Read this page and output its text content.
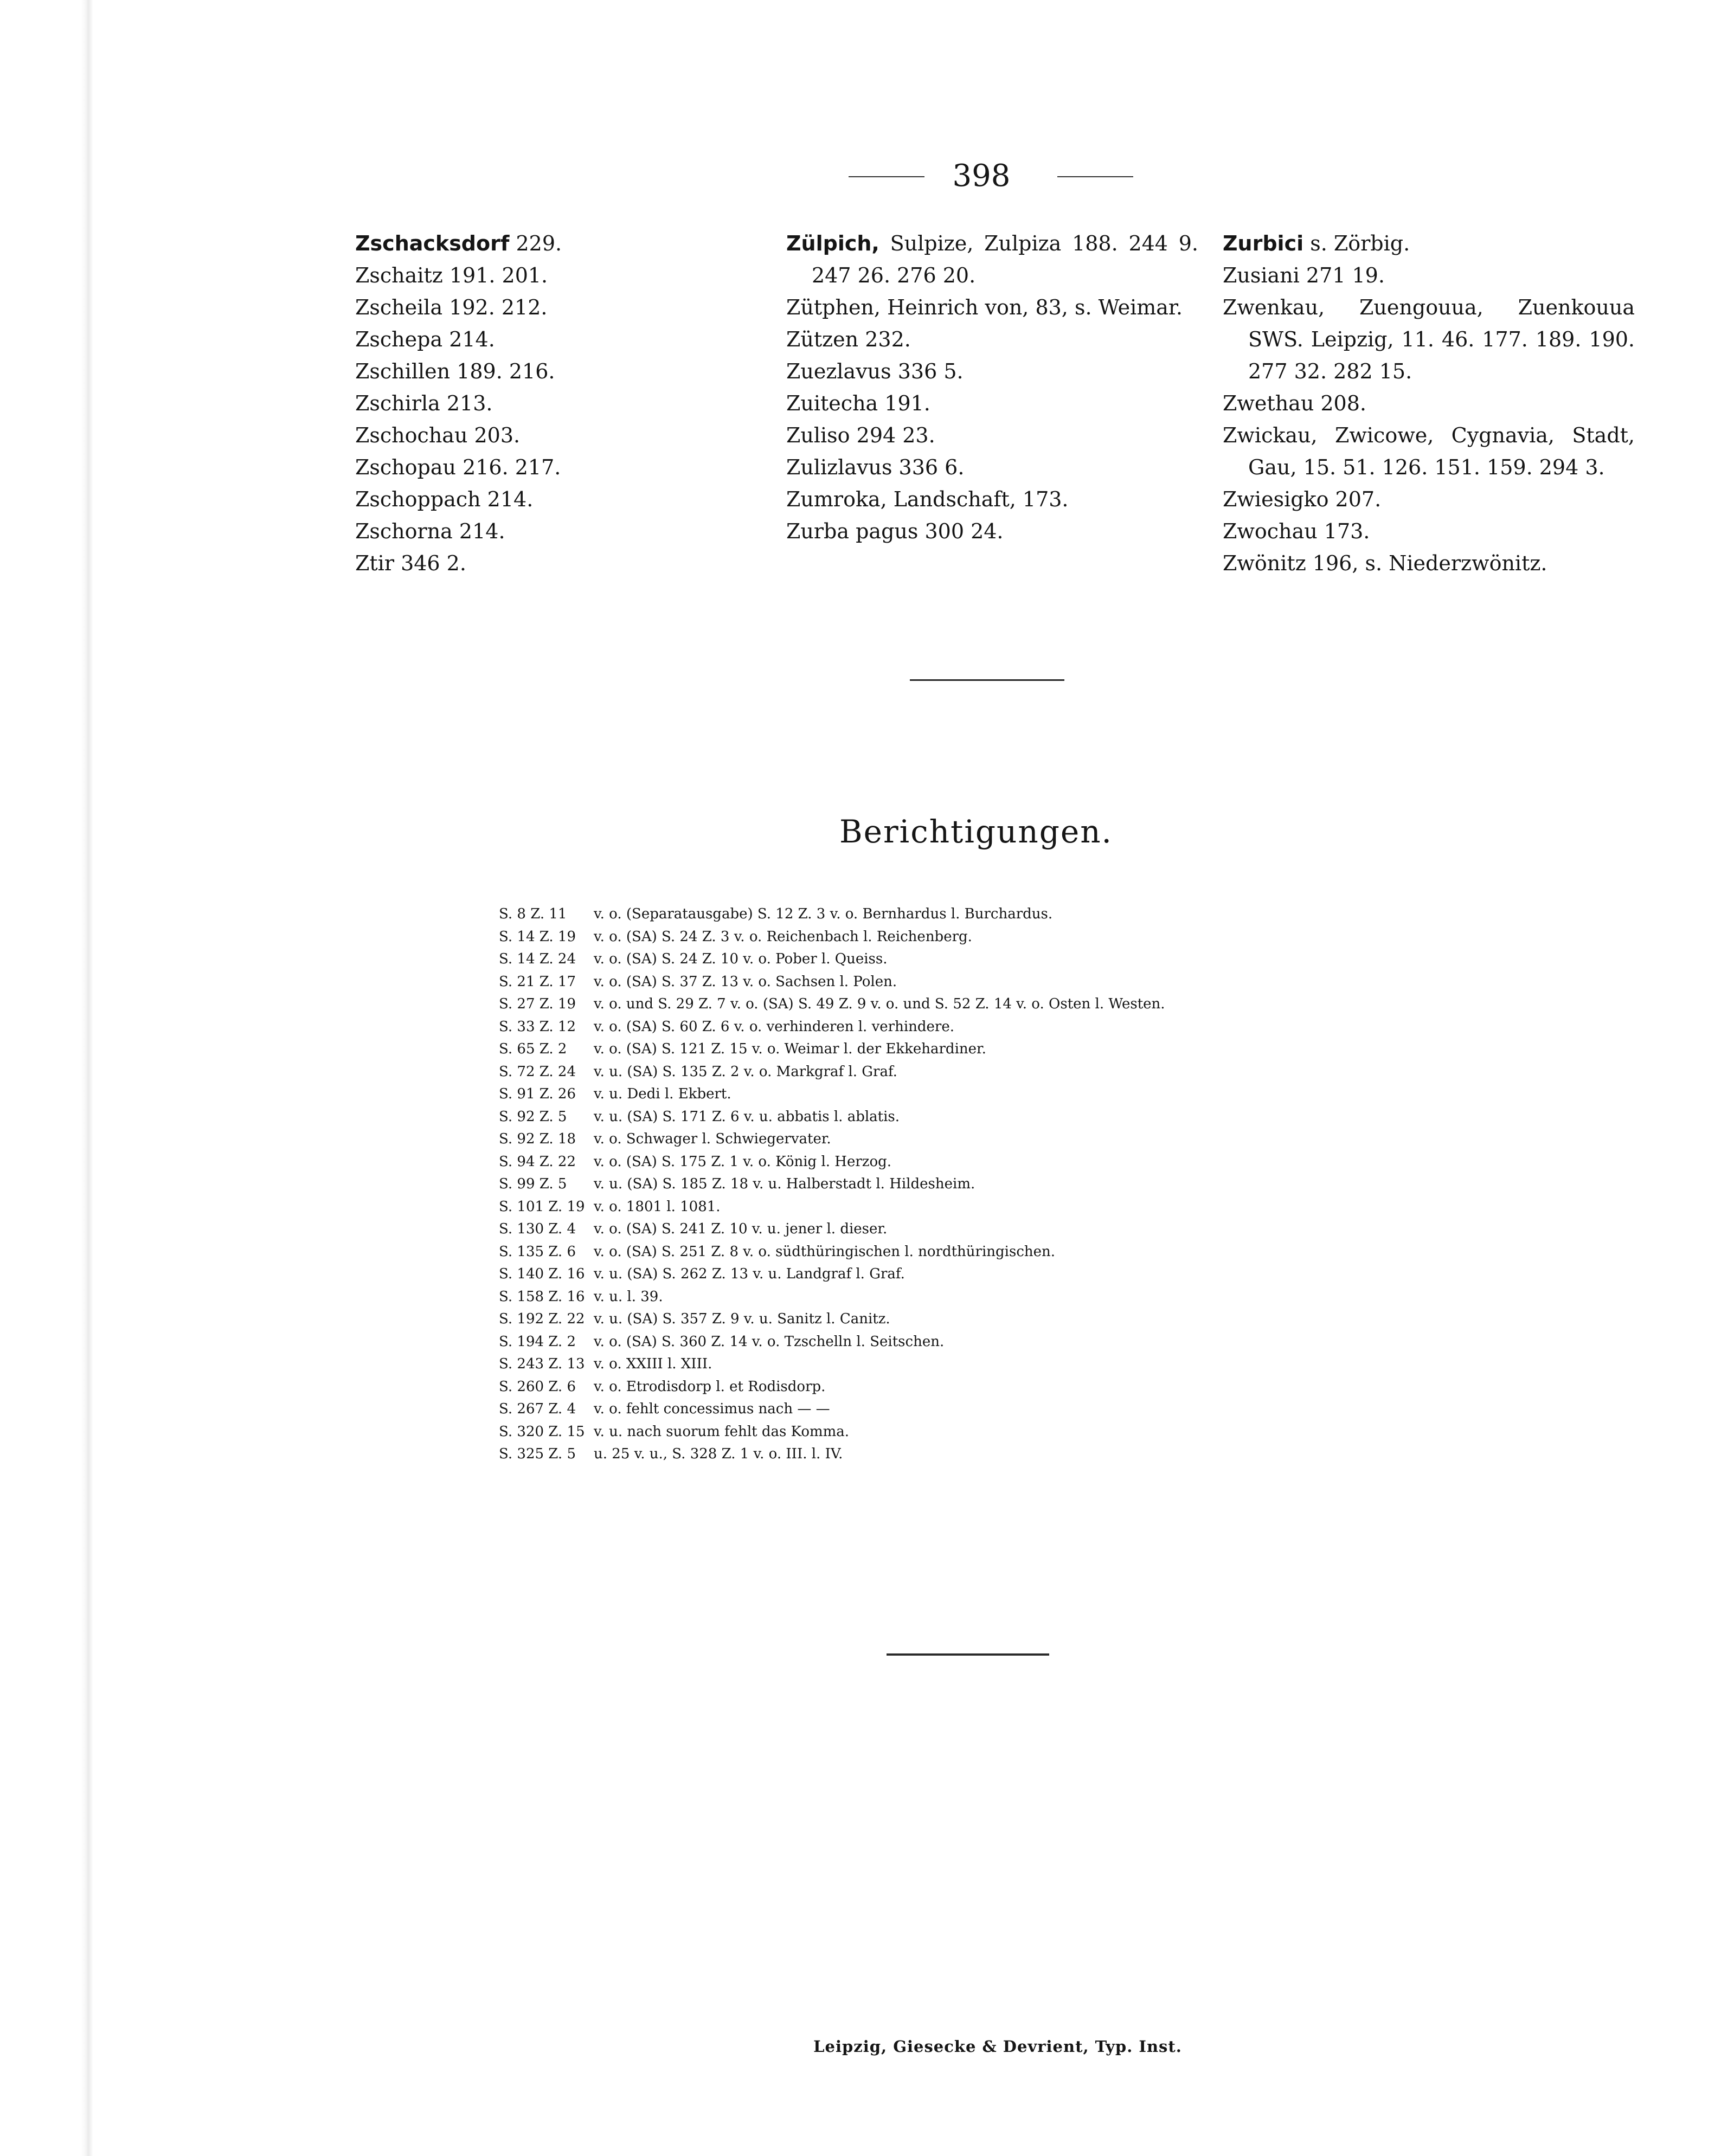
398
Zschacksdorf 229.
Zschaitz 191. 201.
Zscheila 192. 212.
Zschepa 214.
Zschillen 189. 216.
Zschirla 213.
Zschochau 203.
Zschopau 216. 217.
Zschoppach 214.
Zschorna 214.
Ztir 346 2.
Zülpich, Sulpize, Zulpiza 188. 244 9. 247 26. 276 20.
Zütphen, Heinrich von, 83, s. Weimar.
Zützen 232.
Zuezlavus 336 5.
Zuitecha 191.
Zuliso 294 23.
Zulizlavus 336 6.
Zumroka, Landschaft, 173.
Zurba pagus 300 24.
Zurbici s. Zörbig.
Zusiani 271 19.
Zwenkau, Zuengouua, Zuenkouua SWS. Leipzig, 11. 46. 177. 189. 190. 277 32. 282 15.
Zwethau 208.
Zwickau, Zwicowe, Cygnavia, Stadt, Gau, 15. 51. 126. 151. 159. 294 3.
Zwiesigko 207.
Zwochau 173.
Zwönitz 196, s. Niederzwönitz.
Berichtigungen.
S. 8 Z. 11	v. o. (Separatausgabe) S. 12 Z. 3 v. o. Bernhardus l. Burchardus.
S. 14 Z. 19	v. o. (SA) S. 24 Z. 3 v. o. Reichenbach l. Reichenberg.
S. 14 Z. 24	v. o. (SA) S. 24 Z. 10 v. o. Pober l. Queiss.
S. 21 Z. 17	v. o. (SA) S. 37 Z. 13 v. o. Sachsen l. Polen.
S. 27 Z. 19	v. o. und S. 29 Z. 7 v. o. (SA) S. 49 Z. 9 v. o. und S. 52 Z. 14 v. o. Osten l. Westen.
S. 33 Z. 12	v. o. (SA) S. 60 Z. 6 v. o. verhinderen l. verhindere.
S. 65 Z. 2	v. o. (SA) S. 121 Z. 15 v. o. Weimar l. der Ekkehardiner.
S. 72 Z. 24	v. u. (SA) S. 135 Z. 2 v. o. Markgraf l. Graf.
S. 91 Z. 26	v. u. Dedi l. Ekbert.
S. 92 Z. 5	v. u. (SA) S. 171 Z. 6 v. u. abbatis l. ablatis.
S. 92 Z. 18	v. o. Schwager l. Schwiegervater.
S. 94 Z. 22	v. o. (SA) S. 175 Z. 1 v. o. König l. Herzog.
S. 99 Z. 5	v. u. (SA) S. 185 Z. 18 v. u. Halberstadt l. Hildesheim.
S. 101 Z. 19 v. o. 1801 l. 1081.
S. 130 Z. 4	v. o. (SA) S. 241 Z. 10 v. u. jener l. dieser.
S. 135 Z. 6	v. o. (SA) S. 251 Z. 8 v. o. südthüringischen l. nordthüringischen.
S. 140 Z. 16 v. u. (SA) S. 262 Z. 13 v. u. Landgraf l. Graf.
S. 158 Z. 16 v. u. l. 39.
S. 192 Z. 22 v. u. (SA) S. 357 Z. 9 v. u. Sanitz l. Canitz.
S. 194 Z. 2	v. o. (SA) S. 360 Z. 14 v. o. Tzschelln l. Seitschen.
S. 243 Z. 13 v. o. XXIII l. XIII.
S. 260 Z. 6	v. o. Etrodisdorp l. et Rodisdorp.
S. 267 Z. 4	v. o. fehlt concessimus nach — —
S. 320 Z. 15 v. u. nach suorum fehlt das Komma.
S. 325 Z. 5	u. 25 v. u., S. 328 Z. 1 v. o. III. l. IV.
Leipzig, Giesecke & Devrient, Typ. Inst.
